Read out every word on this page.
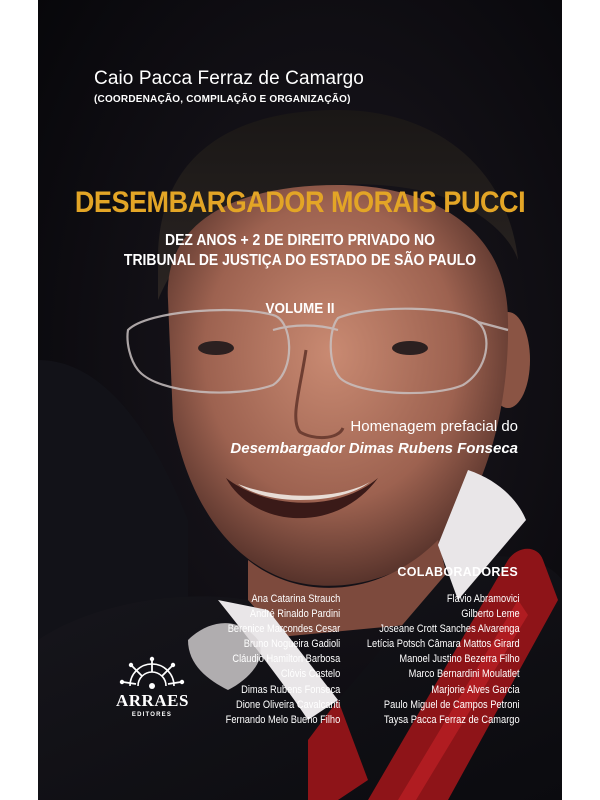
Caio Pacca Ferraz de Camargo

(COORDENAÇÃO, COMPILAÇÃO E ORGANIZAÇÃO)

DESEMBARGADOR MORAIS PUCCI

DEZ ANOS + 2 DE DIREITO PRIVADO NO

TRIBUNAL DE JUSTIÇA DO ESTADO DE SÃO PAULO

VOLUME II

Homenagem prefacial do

Desembargador Dimas Rubens Fonseca

COLABORADORES

Ana Catarina Strauch
André Rinaldo Pardini
Berenice Marcondes Cesar
Bruno Nogueira Gadioli
Cláudio Hamilton Barbosa
Clóvis Castelo
Dimas Rubens Fonseca
Dione Oliveira Cavalcanti
Fernando Melo Bueno Filho
Flavio Abramovici
Gilberto Leme
Joseane Crott Sanches Alvarenga
Letícia Potsch Câmara Mattos Girard
Manoel Justino Bezerra Filho
Marco Bernardini Moulatlet
Marjorie Alves Garcia
Paulo Miguel de Campos Petroni
Taysa Pacca Ferraz de Camargo

ARRAES

EDITORES
